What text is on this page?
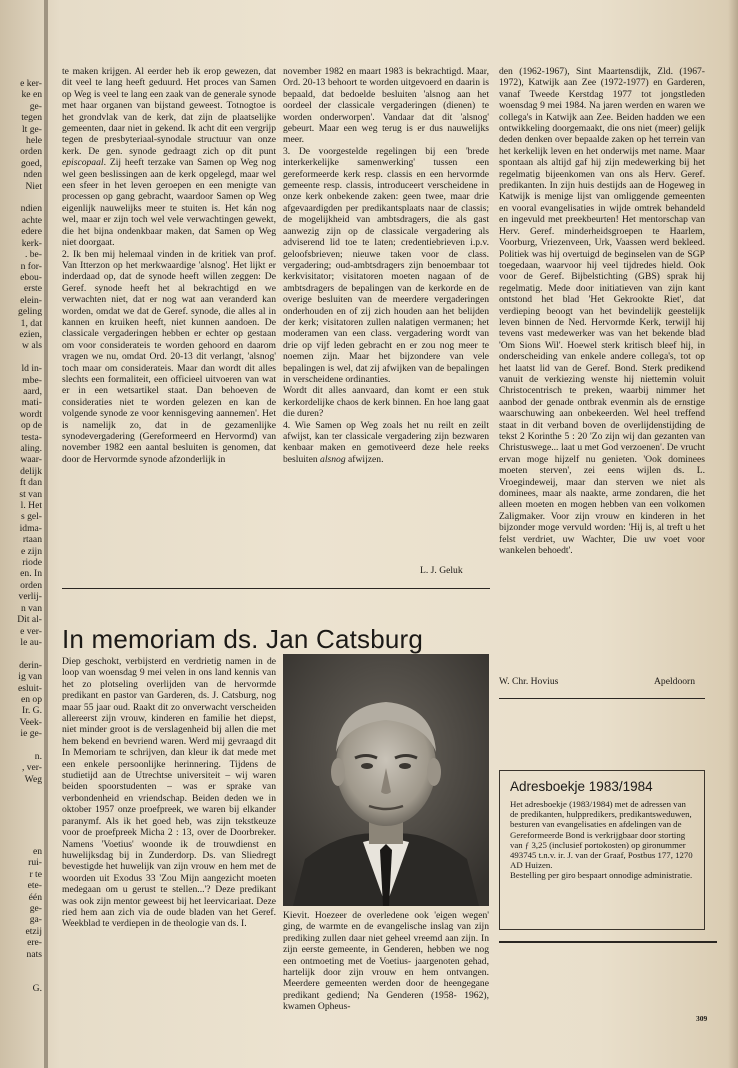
e ker-
ke en
ge-
tegen
lt ge-
hele
orden
goed,
nden
Niet

ndien
achte
edere
kerk-
. be-
n for-
ebou-
erste
elein-
geling
1, dat
ezien,
w als

ld in-
mbe-
aard,
mati-
wordt
op de
testa-
aling.
waar-
delijk
ft dan
st van
l. Het
s gel-
idma-
rtaan
e zijn
riode
en. In
orden
verlij-
n van
Dit al-
e ver-
le au-

derin-
ig van
esluit-
en op
Ir. G.
Veek-
ie ge-

n.
, ver-
Weg
en
rui-
r te
ete-
één
ge-
ga-
etzij
ere-
nats

G.

te maken krijgen. Al eerder heb ik erop gewezen, dat dit veel te lang heeft geduurd. Het proces van Samen op Weg is veel te lang een zaak van de generale synode met haar organen van bijstand geweest. Totnogtoe is het grondvlak van de kerk, dat zijn de plaatselijke gemeenten, daar niet in gekend. Ik acht dit een vergrijp tegen de presbyteriaal-synodale structuur van onze kerk. De gen. synode gedraagt zich op dit punt episcopaal. Zij heeft terzake van Samen op Weg nog wel geen beslissingen aan de kerk opgelegd, maar wel een sfeer in het leven geroepen en een menigte van processen op gang gebracht, waardoor Samen op Weg eigenlijk nauwelijks meer te stuiten is. Het kán nog wel, maar er zijn toch wel vele verwachtingen gewekt, die het bijna ondenkbaar maken, dat Samen op Weg niet doorgaat.

2. Ik ben mij helemaal vinden in de kritiek van prof. Van Itterzon op het merkwaardige 'alsnog'. Het lijkt er inderdaad op, dat de synode heeft willen zeggen: De Geref. synode heeft het al bekrachtigd en we verwachten niet, dat er nog wat aan veranderd kan worden, omdat we dat de Geref. synode, die alles al in kannen en kruiken heeft, niet kunnen aandoen. De classicale vergaderingen hebben er echter op gestaan om voor considerateis te worden gehoord en daarom vragen we nu, omdat Ord. 20-13 dit verlangt, 'alsnog' toch maar om considerateis. Maar dan wordt dit alles slechts een formaliteit, een officieel uitvoeren van wat er in een wetsartikel staat. Dan behoeven de consideraties niet te worden gelezen en kan de volgende synode ze voor kennisgeving aannemen'. Het is namelijk zo, dat in de gezamenlijke synodevergadering (Gereformeerd en Hervormd) van november 1982 een aantal besluiten is genomen, dat door de Hervormde synode afzonderlijk in

november 1982 en maart 1983 is bekrachtigd. Maar, Ord. 20-13 behoort te worden uitgevoerd en daarin is bepaald, dat bedoelde besluiten 'alsnog aan het oordeel der classicale vergaderingen (dienen) te worden onderworpen'. Vandaar dat dit 'alsnog' gebeurt. Maar een weg terug is er dus nauwelijks meer.

3. De voorgestelde regelingen bij een 'brede interkerkelijke samenwerking' tussen een gereformeerde kerk resp. classis en een hervormde gemeente resp. classis, introduceert verscheidene in onze kerk onbekende zaken: geen twee, maar drie afgevaardigden per predikantsplaats naar de classis; de mogelijkheid van ambtsdragers, die als gast aanwezig zijn op de classicale vergadering als adviserend lid toe te laten; credentiebrieven i.p.v. geloofsbrieven; nieuwe taken voor de class. vergadering; oud-ambtsdragers zijn benoembaar tot kerkvisitator; visitatoren moeten nagaan of de ambtsdragers de bepalingen van de kerkorde en de overige besluiten van de meerdere vergaderingen onderhouden en of zij zich houden aan het belijden der kerk; visitatoren zullen nalatigen vermanen; het moderamen van een class. vergadering wordt van drie op vijf leden gebracht en er zou nog meer te noemen zijn. Maar het bijzondere van vele bepalingen is wel, dat zij afwijken van de bepalingen in verscheidene ordinanties.

Wordt dit alles aanvaard, dan komt er een stuk kerkordelijke chaos de kerk binnen. En hoe lang gaat die duren?

4. Wie Samen op Weg zoals het nu reilt en zeilt afwijst, kan ter classicale vergadering zijn bezwaren kenbaar maken en gemotiveerd deze hele reeks besluiten alsnog afwijzen.

L. J. Geluk

den (1962-1967), Sint Maartensdijk, Zld. (1967-1972), Katwijk aan Zee (1972-1977) en Garderen, vanaf Tweede Kerstdag 1977 tot jongstleden woensdag 9 mei 1984. Na jaren werden en waren we collega's in Katwijk aan Zee. Beiden hadden we een ontwikkeling doorgemaakt, die ons niet (meer) gelijk deden denken over bepaalde zaken op het terrein van het kerkelijk leven en het onderwijs met name. Maar spontaan als altijd gaf hij zijn medewerking bij het regelmatig bijeenkomen van ons als Herv. Geref. predikanten. In zijn huis destijds aan de Hogeweg in Katwijk is menige lijst van omliggende gemeenten en vooral evangelisaties in wijde omtrek behandeld en ingevuld met preekbeurten! Het mentorschap van Herv. Geref. minderheidsgroepen te Haarlem, Voorburg, Vriezenveen, Urk, Vaassen werd bekleed. Politiek was hij overtuigd de beginselen van de SGP toegedaan, waarvoor hij veel tijdredes hield. Ook voor de Geref. Bijbelstichting (GBS) sprak hij regelmatig. Mede door initiatieven van zijn kant ontstond het blad 'Het Gekrookte Riet', dat verdieping beoogt van het bevindelijk geestelijk leven binnen de Ned. Hervormde Kerk, terwijl hij tevens vast medewerker was van het bekende blad 'Om Sions Wil'. Hoewel sterk kritisch bleef hij, in onderscheiding van enkele andere collega's, tot op het laatst lid van de Geref. Bond. Sterk predikend vanuit de verkiezing wenste hij niettemin voluit Christocentrisch te preken, waarbij nimmer het aanbod der genade ontbrak evenmin als de ernstige waarschuwing aan onbekeerden. Wel heel treffend staat in dit verband boven de overlijdenstijding de tekst 2 Korinthe 5 : 20 'Zo zijn wij dan gezanten van Christuswege... laat u met God verzoenen'. De vrucht ervan moge hijzelf nu genieten. 'Ook dominees moeten sterven', zei eens wijlen ds. L. Vroegindeweij, maar dan sterven we niet als dominees, maar als naakte, arme zondaren, die het alleen moeten en mogen hebben van een volkomen Zaligmaker. Voor zijn vrouw en kinderen in het bijzonder moge vervuld worden: 'Hij is, al treft u het felst verdriet, uw Wachter, Die uw voet voor wankelen behoedt'.

W. Chr. Hovius	Apeldoorn
In memoriam ds. Jan Catsburg

Diep geschokt, verbijsterd en verdrietig namen in de loop van woensdag 9 mei velen in ons land kennis van het zo plotseling overlijden van de hervormde predikant en pastor van Garderen, ds. J. Catsburg, nog maar 55 jaar oud. Raakt dit zo onverwacht verscheiden allereerst zijn vrouw, kinderen en familie het diepst, niet minder groot is de verslagenheid bij allen die met hem bekend en bevriend waren. Werd mij gevraagd dit In Memoriam te schrijven, dan kleur ik dat mede met een enkele persoonlijke herinnering. Tijdens de studietijd aan de Utrechtse universiteit – wij waren beiden spoorstudenten – was er sprake van verbondenheid en vriendschap. Beiden deden we in oktober 1957 onze proefpreek, we waren bij elkander paranymf. Als ik het goed heb, was zijn tekstkeuze voor de proefpreek Micha 2 : 13, over de Doorbreker. Namens 'Voetius' woonde ik de trouwdienst en huwelijksdag bij in Zunderdorp. Ds. van Sliedregt bevestigde het huwelijk van zijn vrouw en hem met de woorden uit Exodus 33 'Zou Mijn aangezicht moeten medegaan om u gerust te stellen...'? Deze predikant was ook zijn mentor geweest bij het leervicariaat. Deze ried hem aan zich via de oude bladen van het Geref. Weekblad te verdiepen in de theologie van ds. I.

Kievit. Hoezeer de overledene ook 'eigen wegen' ging, de warmte en de evangelische inslag van zijn prediking zullen daar niet geheel vreemd aan zijn. In zijn eerste gemeente, in Genderen, hebben we nog een ontmoeting met de Voetius- jaargenoten gehad, hartelijk door zijn vrouw en hem ontvangen. Meerdere gemeenten werden door de heengegane predikant gediend; Na Genderen (1958- 1962), kwamen Opheus-

Adresboekje 1983/1984

Het adresboekje (1983/1984) met de adressen van de predikanten, hulppredikers, predikantsweduwen, besturen van evangelisaties en afdelingen van de Gereformeerde Bond is verkrijgbaar door storting van ƒ 3,25 (inclusief portokosten) op gironummer 493745 t.n.v. ir. J. van der Graaf, Postbus 177, 1270 AD Huizen.

Bestelling per giro bespaart onnodige administratie.

309
